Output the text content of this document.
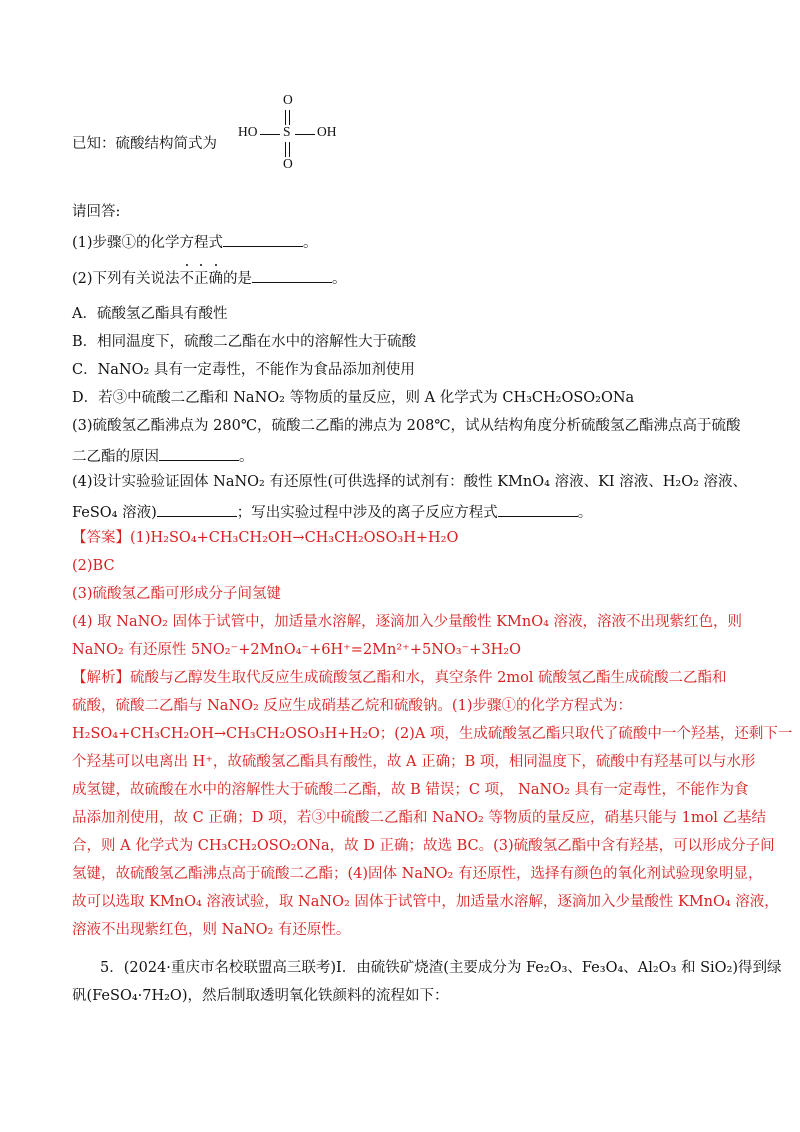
已知：硫酸结构简式为
O
HO S OH
O
请回答:
(1)步骤①的化学方程式	。
(2)下列有关说法
不
正
确的是	。
A．硫酸氢乙酯具有酸性
B．相同温度下，硫酸二乙酯在水中的溶解性大于硫酸
C．NaNO₂ 具有一定毒性，不能作为食品添加剂使用
D．若③中硫酸二乙酯和 NaNO₂ 等物质的量反应，则 A 化学式为 CH₃CH₂OSO₂ONa
(3)硫酸氢乙酯沸点为 280℃，硫酸二乙酯的沸点为 208℃，试从结构角度分析硫酸氢乙酯沸点高于硫酸
二乙酯的原因	。
(4)设计实验验证固体 NaNO₂ 有还原性(可供选择的试剂有：酸性 KMnO₄ 溶液、KI 溶液、H₂O₂ 溶液、
FeSO₄ 溶液)	；写出实验过程中涉及的离子反应方程式	。
【答案】(1)H₂SO₄+CH₃CH₂OH→CH₃CH₂OSO₃H+H₂O
(2)BC
(3)硫酸氢乙酯可形成分子间氢键
(4) 取 NaNO₂ 固体于试管中，加适量水溶解，逐滴加入少量酸性 KMnO₄ 溶液，溶液不出现紫红色，则
NaNO₂ 有还原性 5NO₂⁻+2MnO₄⁻+6H⁺=2Mn²⁺+5NO₃⁻+3H₂O
【解析】硫酸与乙醇发生取代反应生成硫酸氢乙酯和水，真空条件 2mol 硫酸氢乙酯生成硫酸二乙酯和
硫酸，硫酸二乙酯与 NaNO₂ 反应生成硝基乙烷和硫酸钠。(1)步骤①的化学方程式为：
H₂SO₄+CH₃CH₂OH→CH₃CH₂OSO₃H+H₂O；(2)A 项，生成硫酸氢乙酯只取代了硫酸中一个羟基，还剩下一
个羟基可以电离出 H⁺，故硫酸氢乙酯具有酸性，故 A 正确；B 项，相同温度下，硫酸中有羟基可以与水形
成氢键，故硫酸在水中的溶解性大于硫酸二乙酯，故 B 错误；C 项， NaNO₂ 具有一定毒性，不能作为食
品添加剂使用，故 C 正确；D 项，若③中硫酸二乙酯和 NaNO₂ 等物质的量反应，硝基只能与 1mol 乙基结
合，则 A 化学式为 CH₃CH₂OSO₂ONa，故 D 正确；故选 BC。(3)硫酸氢乙酯中含有羟基，可以形成分子间
氢键，故硫酸氢乙酯沸点高于硫酸二乙酯；(4)固体 NaNO₂ 有还原性，选择有颜色的氧化剂试验现象明显，
故可以选取 KMnO₄ 溶液试验，取 NaNO₂ 固体于试管中，加适量水溶解，逐滴加入少量酸性 KMnO₄ 溶液，
溶液不出现紫红色，则 NaNO₂ 有还原性。
5．(2024·重庆市名校联盟高三联考)Ⅰ．由硫铁矿烧渣(主要成分为 Fe₂O₃、Fe₃O₄、Al₂O₃ 和 SiO₂)得到绿
矾(FeSO₄·7H₂O)，然后制取透明氧化铁颜料的流程如下：
